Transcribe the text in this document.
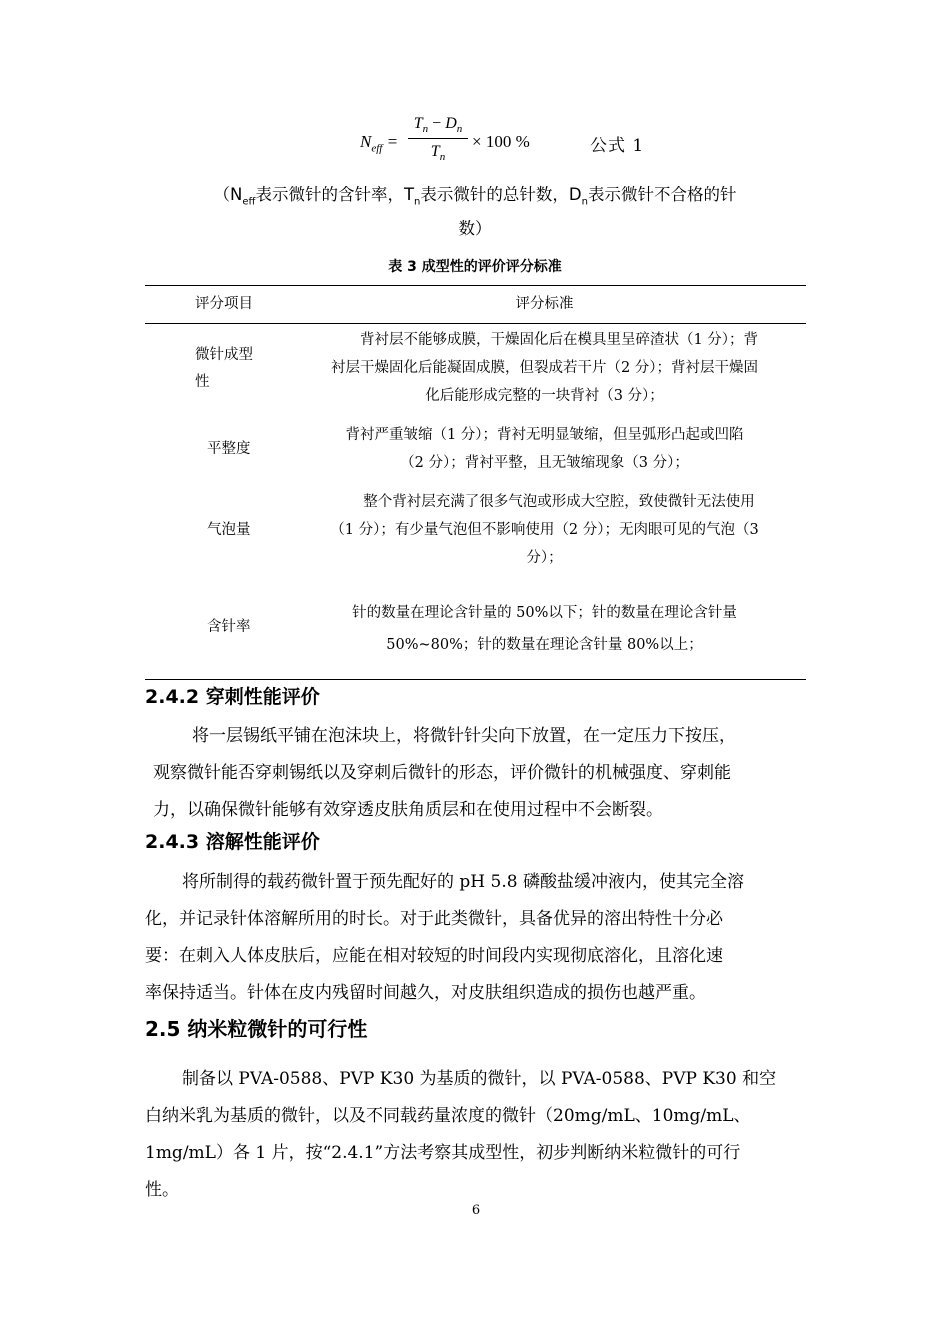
$N_{eff}$ =
$T_n - D_n$
$T_n$
× 100 %	公式 1
（$N_{eff}$表示微针的含针率，$T_n$表示微针的总针数，$D_n$表示微针不合格的针
数）
表 3 成型性的评价评分标准
评分项目	评分标准
微针成型
性
背衬层不能够成膜，干燥固化后在模具里呈碎渣状（1 分）；背
衬层干燥固化后能凝固成膜，但裂成若干片（2 分）；背衬层干燥固
化后能形成完整的一块背衬（3 分）；
平整度
背衬严重皱缩（1 分）；背衬无明显皱缩，但呈弧形凸起或凹陷
（2 分）；背衬平整，且无皱缩现象（3 分）；
气泡量
整个背衬层充满了很多气泡或形成大空腔，致使微针无法使用
（1 分）；有少量气泡但不影响使用（2 分）；无肉眼可见的气泡（3
分）；
含针率
针的数量在理论含针量的 50%以下；针的数量在理论含针量
50%~80%；针的数量在理论含针量 80%以上；
2.4.2 穿刺性能评价
将一层锡纸平铺在泡沫块上，将微针针尖向下放置，在一定压力下按压，
观察微针能否穿刺锡纸以及穿刺后微针的形态，评价微针的机械强度、穿刺能
力，以确保微针能够有效穿透皮肤角质层和在使用过程中不会断裂。
2.4.3 溶解性能评价
将所制得的载药微针置于预先配好的 pH 5.8 磷酸盐缓冲液内，使其完全溶
化，并记录针体溶解所用的时长。对于此类微针，具备优异的溶出特性十分必
要：在刺入人体皮肤后，应能在相对较短的时间段内实现彻底溶化，且溶化速
率保持适当。针体在皮内残留时间越久，对皮肤组织造成的损伤也越严重。
2.5 纳米粒微针的可行性
制备以 PVA-0588、PVP K30 为基质的微针，以 PVA-0588、PVP K30 和空
白纳米乳为基质的微针，以及不同载药量浓度的微针（20mg/mL、10mg/mL、
1mg/mL）各 1 片，按“2.4.1”方法考察其成型性，初步判断纳米粒微针的可行
性。
6
